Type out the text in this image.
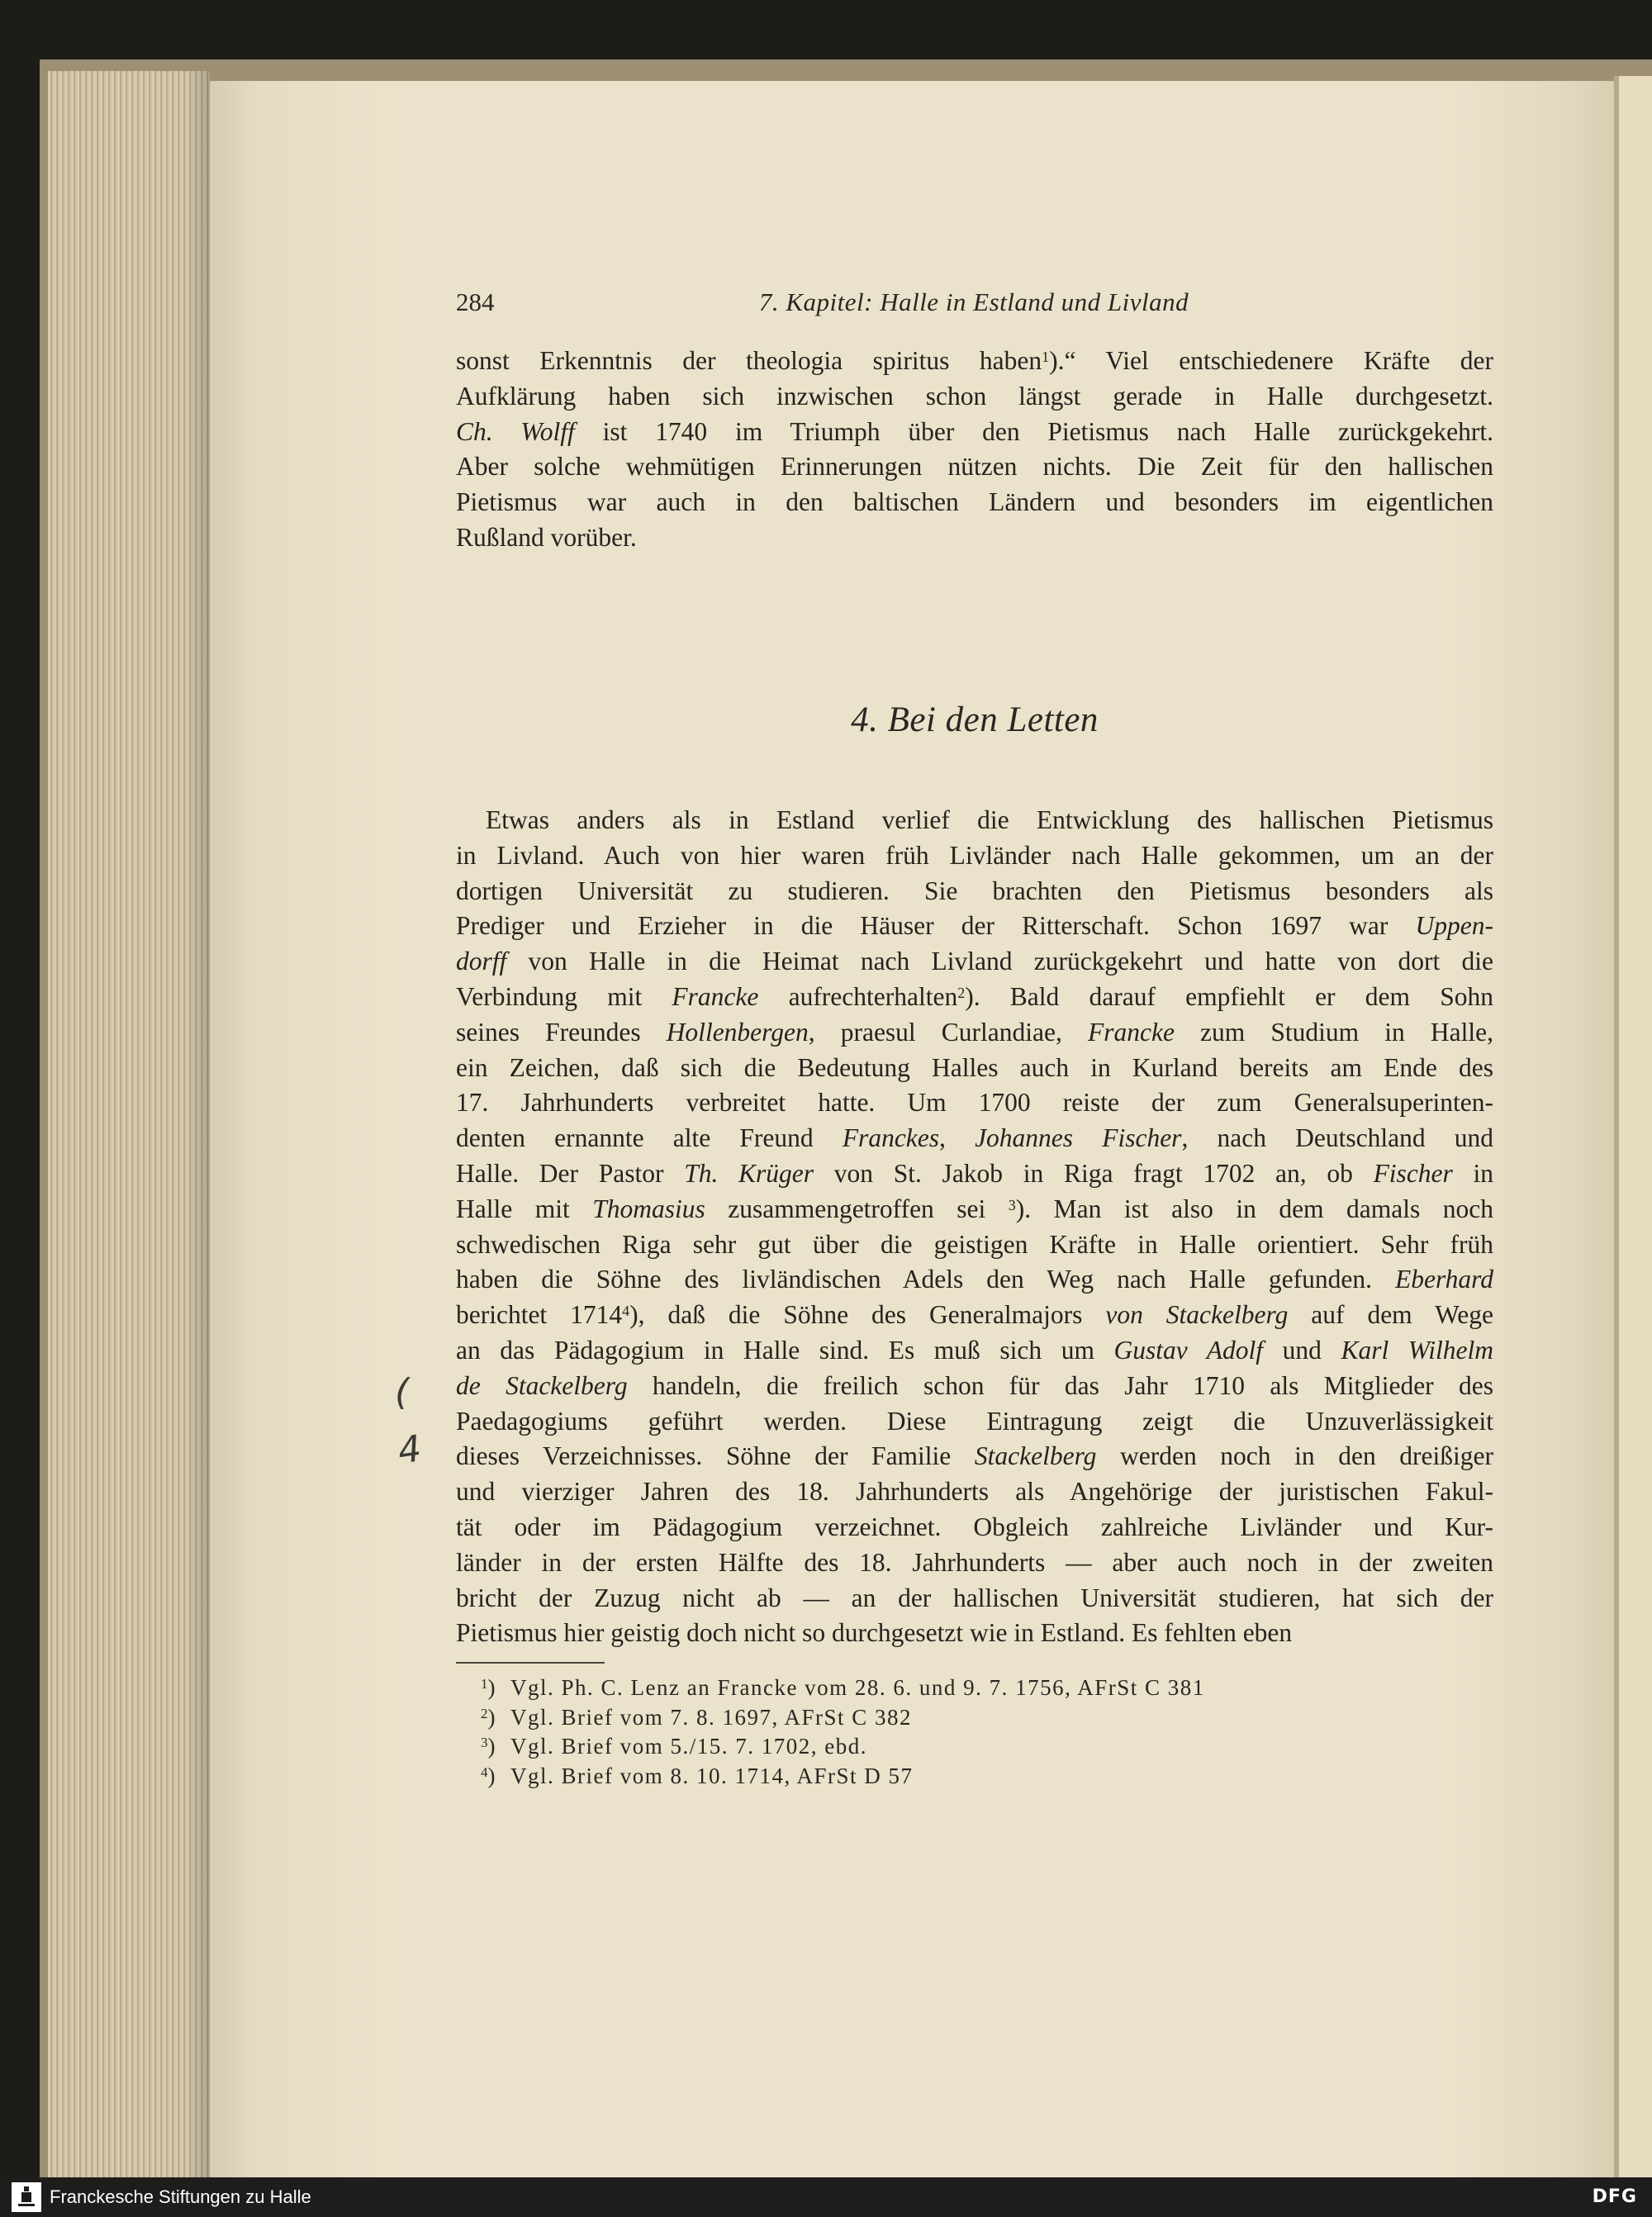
284	7. Kapitel: Halle in Estland und Livland
sonst Erkenntnis der theologia spiritus haben$^1$).“ Viel entschiedenere Kräfte der
Aufklärung haben sich inzwischen schon längst gerade in Halle durchgesetzt.
Ch. Wolff ist 1740 im Triumph über den Pietismus nach Halle zurückgekehrt.
Aber solche wehmütigen Erinnerungen nützen nichts. Die Zeit für den hallischen
Pietismus war auch in den baltischen Ländern und besonders im eigentlichen
Rußland vorüber.
4. Bei den Letten
Etwas anders als in Estland verlief die Entwicklung des hallischen Pietismus
in Livland. Auch von hier waren früh Livländer nach Halle gekommen, um an der
dortigen Universität zu studieren. Sie brachten den Pietismus besonders als
Prediger und Erzieher in die Häuser der Ritterschaft. Schon 1697 war Uppen-
dorff von Halle in die Heimat nach Livland zurückgekehrt und hatte von dort die
Verbindung mit Francke aufrechterhalten$^2$). Bald darauf empfiehlt er dem Sohn
seines Freundes Hollenbergen, praesul Curlandiae, Francke zum Studium in Halle,
ein Zeichen, daß sich die Bedeutung Halles auch in Kurland bereits am Ende des
17. Jahrhunderts verbreitet hatte. Um 1700 reiste der zum Generalsuperinten-
denten ernannte alte Freund Franckes, Johannes Fischer, nach Deutschland und
Halle. Der Pastor Th. Krüger von St. Jakob in Riga fragt 1702 an, ob Fischer in
Halle mit Thomasius zusammengetroffen sei $^3$). Man ist also in dem damals noch
schwedischen Riga sehr gut über die geistigen Kräfte in Halle orientiert. Sehr früh
haben die Söhne des livländischen Adels den Weg nach Halle gefunden. Eberhard
berichtet 1714$^4$), daß die Söhne des Generalmajors von Stackelberg auf dem Wege
an das Pädagogium in Halle sind. Es muß sich um Gustav Adolf und Karl Wilhelm
de Stackelberg handeln, die freilich schon für das Jahr 1710 als Mitglieder des
Paedagogiums geführt werden. Diese Eintragung zeigt die Unzuverlässigkeit
dieses Verzeichnisses. Söhne der Familie Stackelberg werden noch in den dreißiger
und vierziger Jahren des 18. Jahrhunderts als Angehörige der juristischen Fakul-
tät oder im Pädagogium verzeichnet. Obgleich zahlreiche Livländer und Kur-
länder in der ersten Hälfte des 18. Jahrhunderts — aber auch noch in der zweiten
bricht der Zuzug nicht ab — an der hallischen Universität studieren, hat sich der
Pietismus hier geistig doch nicht so durchgesetzt wie in Estland. Es fehlten eben
$^1$) Vgl. Ph. C. Lenz an Francke vom 28. 6. und 9. 7. 1756, AFrSt C 381
$^2$) Vgl. Brief vom 7. 8. 1697, AFrSt C 382
$^3$) Vgl. Brief vom 5./15. 7. 1702, ebd.
$^4$) Vgl. Brief vom 8. 10. 1714, AFrSt D 57
(
4
Franckesche Stiftungen zu Halle	DFG
